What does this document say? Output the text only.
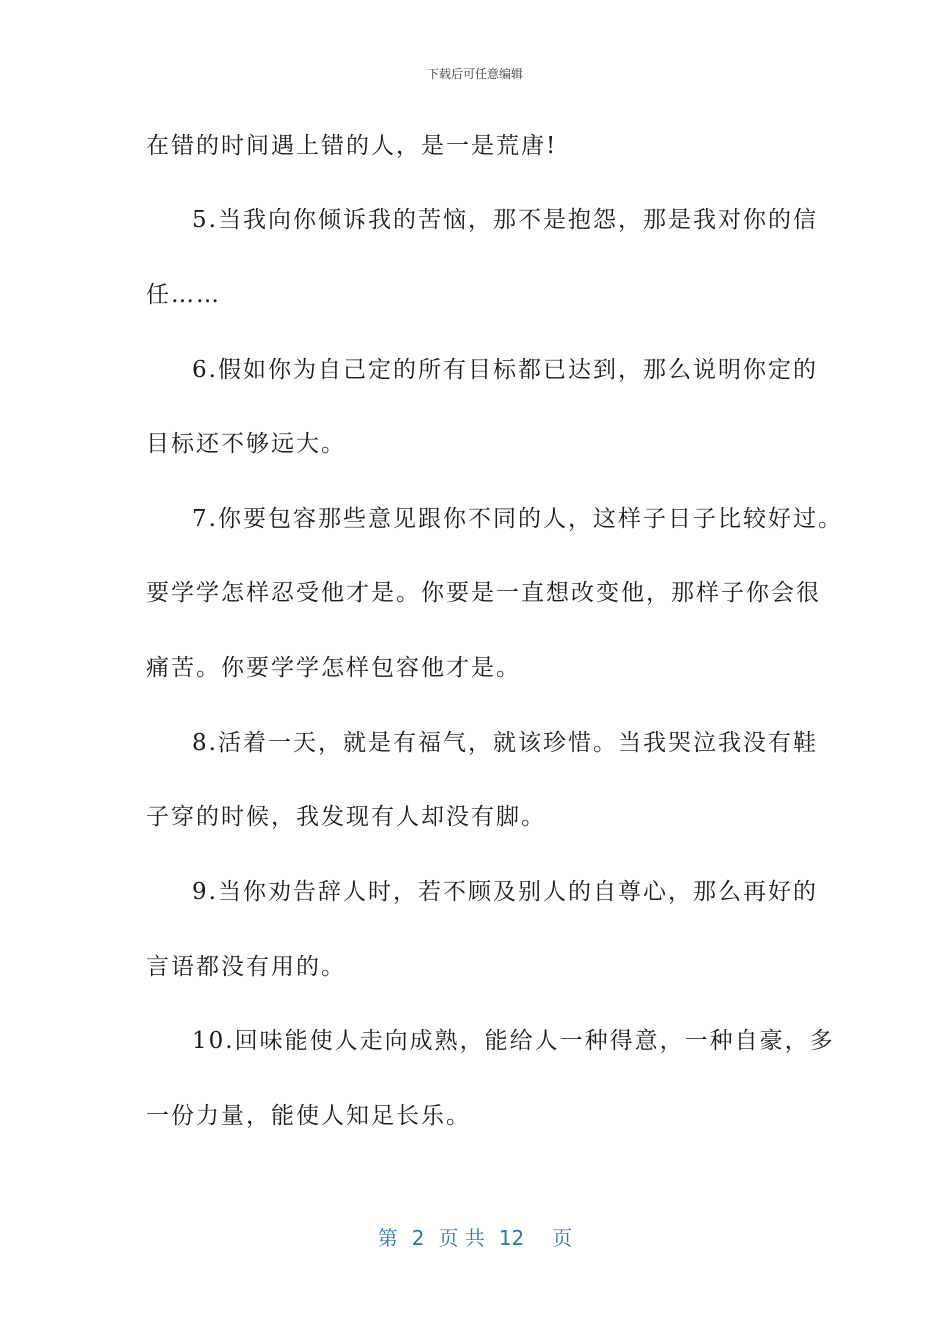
下载后可任意编辑
在错的时间遇上错的人，是一是荒唐!
5.当我向你倾诉我的苦恼，那不是抱怨，那是我对你的信
任……
6.假如你为自己定的所有目标都已达到，那么说明你定的
目标还不够远大。
7.你要包容那些意见跟你不同的人，这样子日子比较好过。
要学学怎样忍受他才是。你要是一直想改变他，那样子你会很
痛苦。你要学学怎样包容他才是。
8.活着一天，就是有福气，就该珍惜。当我哭泣我没有鞋
子穿的时候，我发现有人却没有脚。
9.当你劝告辞人时，若不顾及别人的自尊心，那么再好的
言语都没有用的。
10.回味能使人走向成熟，能给人一种得意，一种自豪，多
一份力量，能使人知足长乐。
第 2 页 共 12 页
